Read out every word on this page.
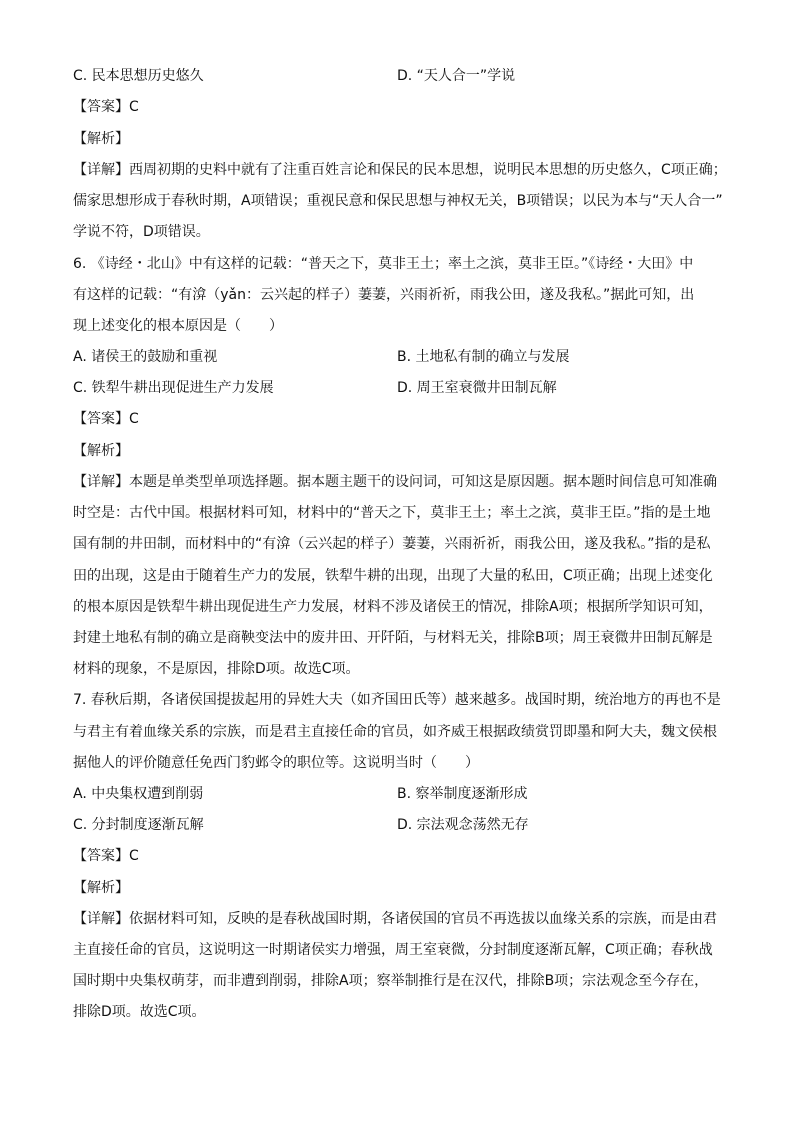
C. 民本思想历史悠久	D. “天人合一”学说
【答案】C
【解析】
【详解】西周初期的史料中就有了注重百姓言论和保民的民本思想，说明民本思想的历史悠久，C项正确；
儒家思想形成于春秋时期，A项错误；重视民意和保民思想与神权无关，B项错误；以民为本与“天人合一”
学说不符，D项错误。
6. 《诗经・北山》中有这样的记载：“普天之下，莫非王土；率土之滨，莫非王臣。”《诗经・大田》中
有这样的记载：“有渰（yǎn：云兴起的样子）萋萋，兴雨祈祈，雨我公田，遂及我私。”据此可知，出
现上述变化的根本原因是（　　）
A. 诸侯王的鼓励和重视	B. 土地私有制的确立与发展
C. 铁犁牛耕出现促进生产力发展	D. 周王室衰微井田制瓦解
【答案】C
【解析】
【详解】本题是单类型单项选择题。据本题主题干的设问词，可知这是原因题。据本题时间信息可知准确
时空是：古代中国。根据材料可知，材料中的“普天之下，莫非王土；率土之滨，莫非王臣。”指的是土地
国有制的井田制，而材料中的“有渰（云兴起的样子）萋萋，兴雨祈祈，雨我公田，遂及我私。”指的是私
田的出现，这是由于随着生产力的发展，铁犁牛耕的出现，出现了大量的私田，C项正确；出现上述变化
的根本原因是铁犁牛耕出现促进生产力发展，材料不涉及诸侯王的情况，排除A项；根据所学知识可知，
封建土地私有制的确立是商鞅变法中的废井田、开阡陌，与材料无关，排除B项；周王衰微井田制瓦解是
材料的现象，不是原因，排除D项。故选C项。
7. 春秋后期，各诸侯国提拔起用的异姓大夫（如齐国田氏等）越来越多。战国时期，统治地方的再也不是
与君主有着血缘关系的宗族，而是君主直接任命的官员，如齐威王根据政绩赏罚即墨和阿大夫，魏文侯根
据他人的评价随意任免西门豹邺令的职位等。这说明当时（　　）
A. 中央集权遭到削弱	B. 察举制度逐渐形成
C. 分封制度逐渐瓦解	D. 宗法观念荡然无存
【答案】C
【解析】
【详解】依据材料可知，反映的是春秋战国时期，各诸侯国的官员不再选拔以血缘关系的宗族，而是由君
主直接任命的官员，这说明这一时期诸侯实力增强，周王室衰微，分封制度逐渐瓦解，C项正确；春秋战
国时期中央集权萌芽，而非遭到削弱，排除A项；察举制推行是在汉代，排除B项；宗法观念至今存在，
排除D项。故选C项。
